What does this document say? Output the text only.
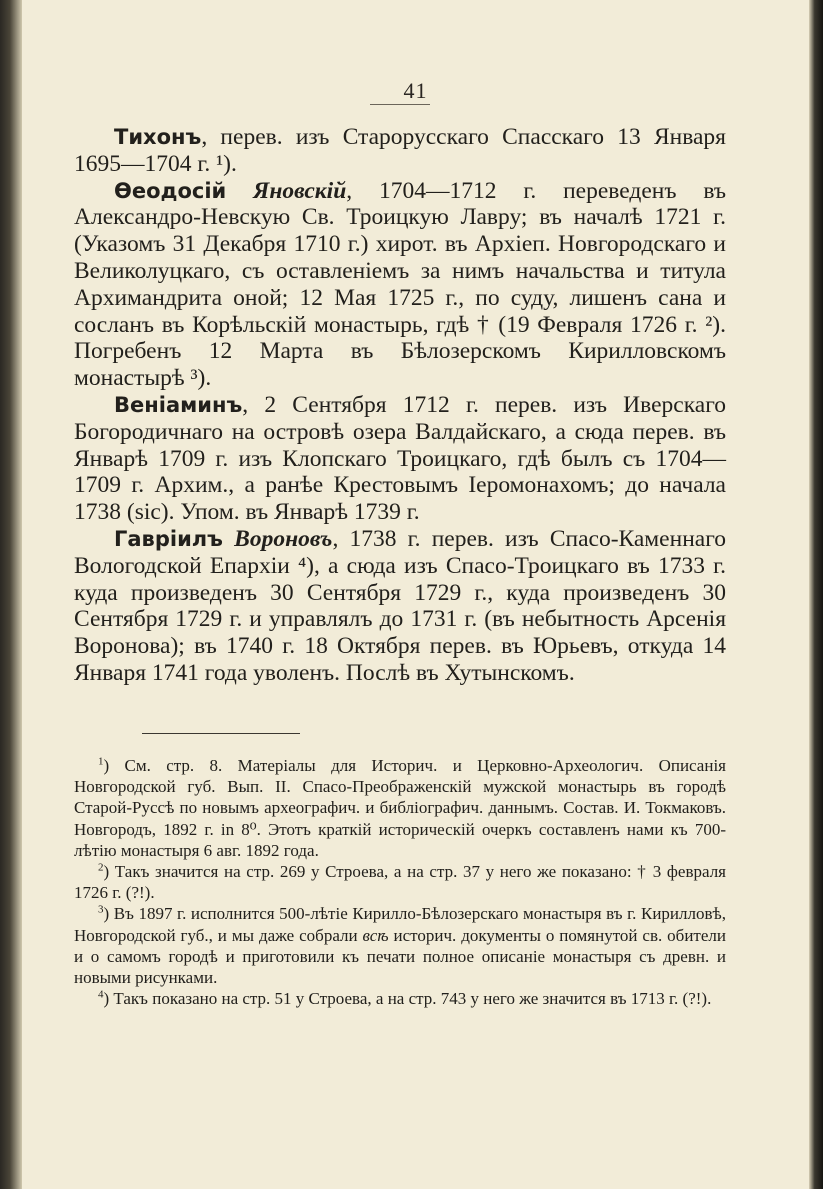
41

Тихонъ, перев. изъ Старорусскаго Спасскаго 13 Января 1695—1704 г. ¹).

Ѳеодосій Яновскій, 1704—1712 г. переведенъ въ Александро-Невскую Св. Троицкую Лавру; въ началѣ 1721 г. (Указомъ 31 Декабря 1710 г.) хирот. въ Архіеп. Новгородскаго и Великолуцкаго, съ оставленіемъ за нимъ начальства и титула Архимандрита оной; 12 Мая 1725 г., по суду, лишенъ сана и сосланъ въ Корѣльскій монастырь, гдѣ † (19 Февраля 1726 г. ²). Погребенъ 12 Марта въ Бѣлозерскомъ Кирилловскомъ монастырѣ ³).

Веніаминъ, 2 Сентября 1712 г. перев. изъ Иверскаго Богородичнаго на островѣ озера Валдайскаго, а сюда перев. въ Январѣ 1709 г. изъ Клопскаго Троицкаго, гдѣ былъ съ 1704—1709 г. Архим., а ранѣе Крестовымъ Іеромонахомъ; до начала 1738 (sic). Упом. въ Январѣ 1739 г.

Гавріилъ Вороновъ, 1738 г. перев. изъ Спасо-Каменнаго Вологодской Епархіи ⁴), а сюда изъ Спасо-Троицкаго въ 1733 г. куда произведенъ 30 Сентября 1729 г., куда произведенъ 30 Сентября 1729 г. и управлялъ до 1731 г. (въ небытность Арсенія Воронова); въ 1740 г. 18 Октября перев. въ Юрьевъ, откуда 14 Января 1741 года уволенъ. Послѣ въ Хутынскомъ.

$^1$) См. стр. 8. Матеріалы для Историч. и Церковно-Археологич. Описанія Новгородской губ. Вып. II. Спасо-Преображенскій мужской монастырь въ городѣ Старой-Руссѣ по новымъ археографич. и библіографич. даннымъ. Состав. И. Токмаковъ. Новгородъ, 1892 г. in 8⁰. Этотъ краткій историческій очеркъ составленъ нами къ 700-лѣтію монастыря 6 авг. 1892 года.

$^2$) Такъ значится на стр. 269 у Строева, а на стр. 37 у него же показано: † 3 февраля 1726 г. (?!).

$^3$) Въ 1897 г. исполнится 500-лѣтіе Кирилло-Бѣлозерскаго монастыря въ г. Кирилловѣ, Новгородской губ., и мы даже собрали всѣ историч. документы о помянутой св. обители и о самомъ городѣ и приготовили къ печати полное описаніе монастыря съ древн. и новыми рисунками.

$^4$) Такъ показано на стр. 51 у Строева, а на стр. 743 у него же значится въ 1713 г. (?!).
